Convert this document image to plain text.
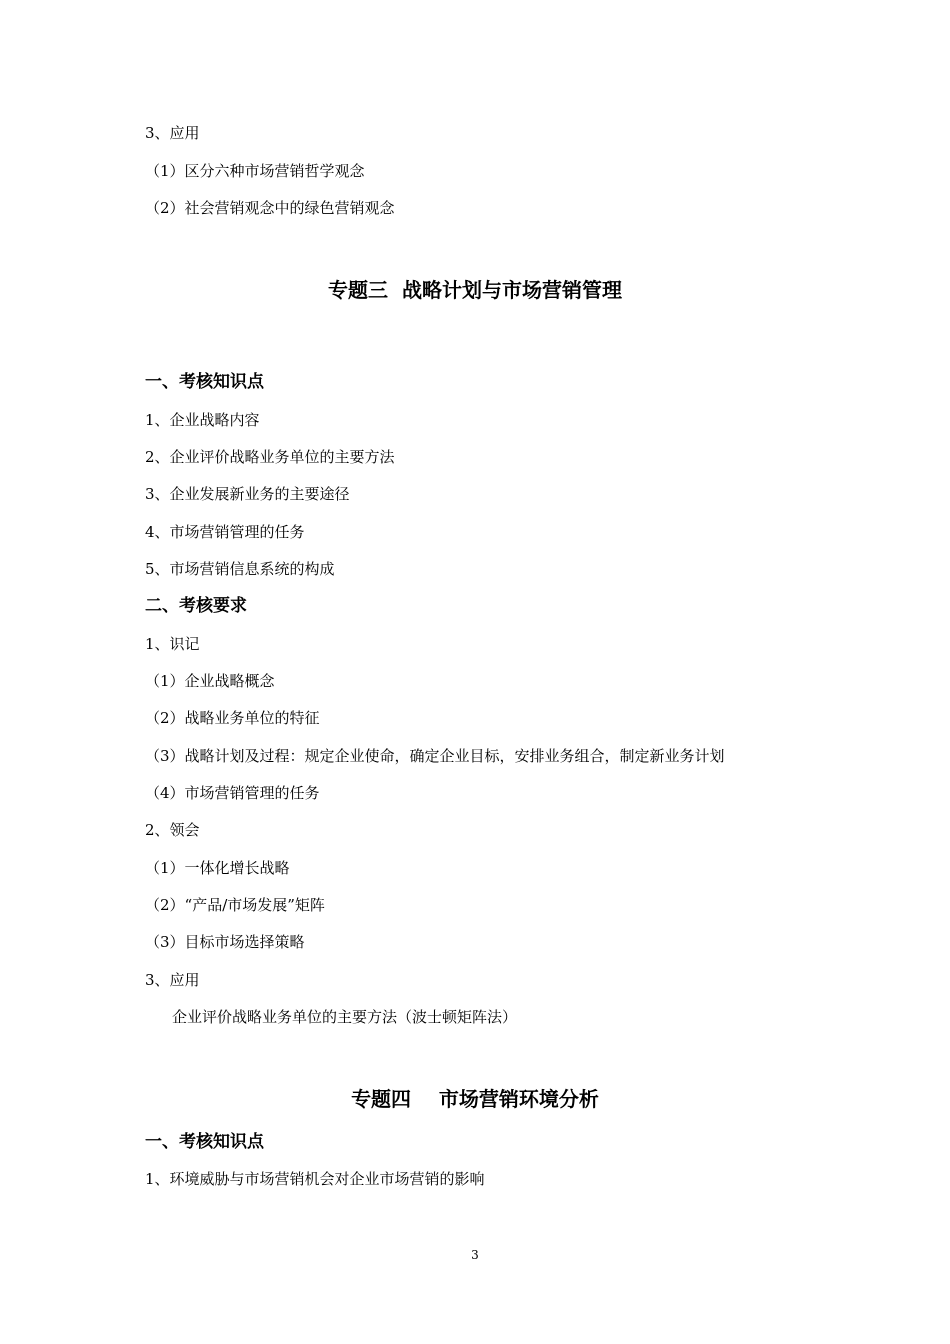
3、应用
（1）区分六种市场营销哲学观念
（2）社会营销观念中的绿色营销观念
专题三  战略计划与市场营销管理
一、考核知识点
1、企业战略内容
2、企业评价战略业务单位的主要方法
3、企业发展新业务的主要途径
4、市场营销管理的任务
5、市场营销信息系统的构成
二、考核要求
1、识记
（1）企业战略概念
（2）战略业务单位的特征
（3）战略计划及过程：规定企业使命，确定企业目标，安排业务组合，制定新业务计划
（4）市场营销管理的任务
2、领会
（1）一体化增长战略
（2）“产品/市场发展”矩阵
（3）目标市场选择策略
3、应用
企业评价战略业务单位的主要方法（波士顿矩阵法）
专题四    市场营销环境分析
一、考核知识点
1、环境威胁与市场营销机会对企业市场营销的影响
3
